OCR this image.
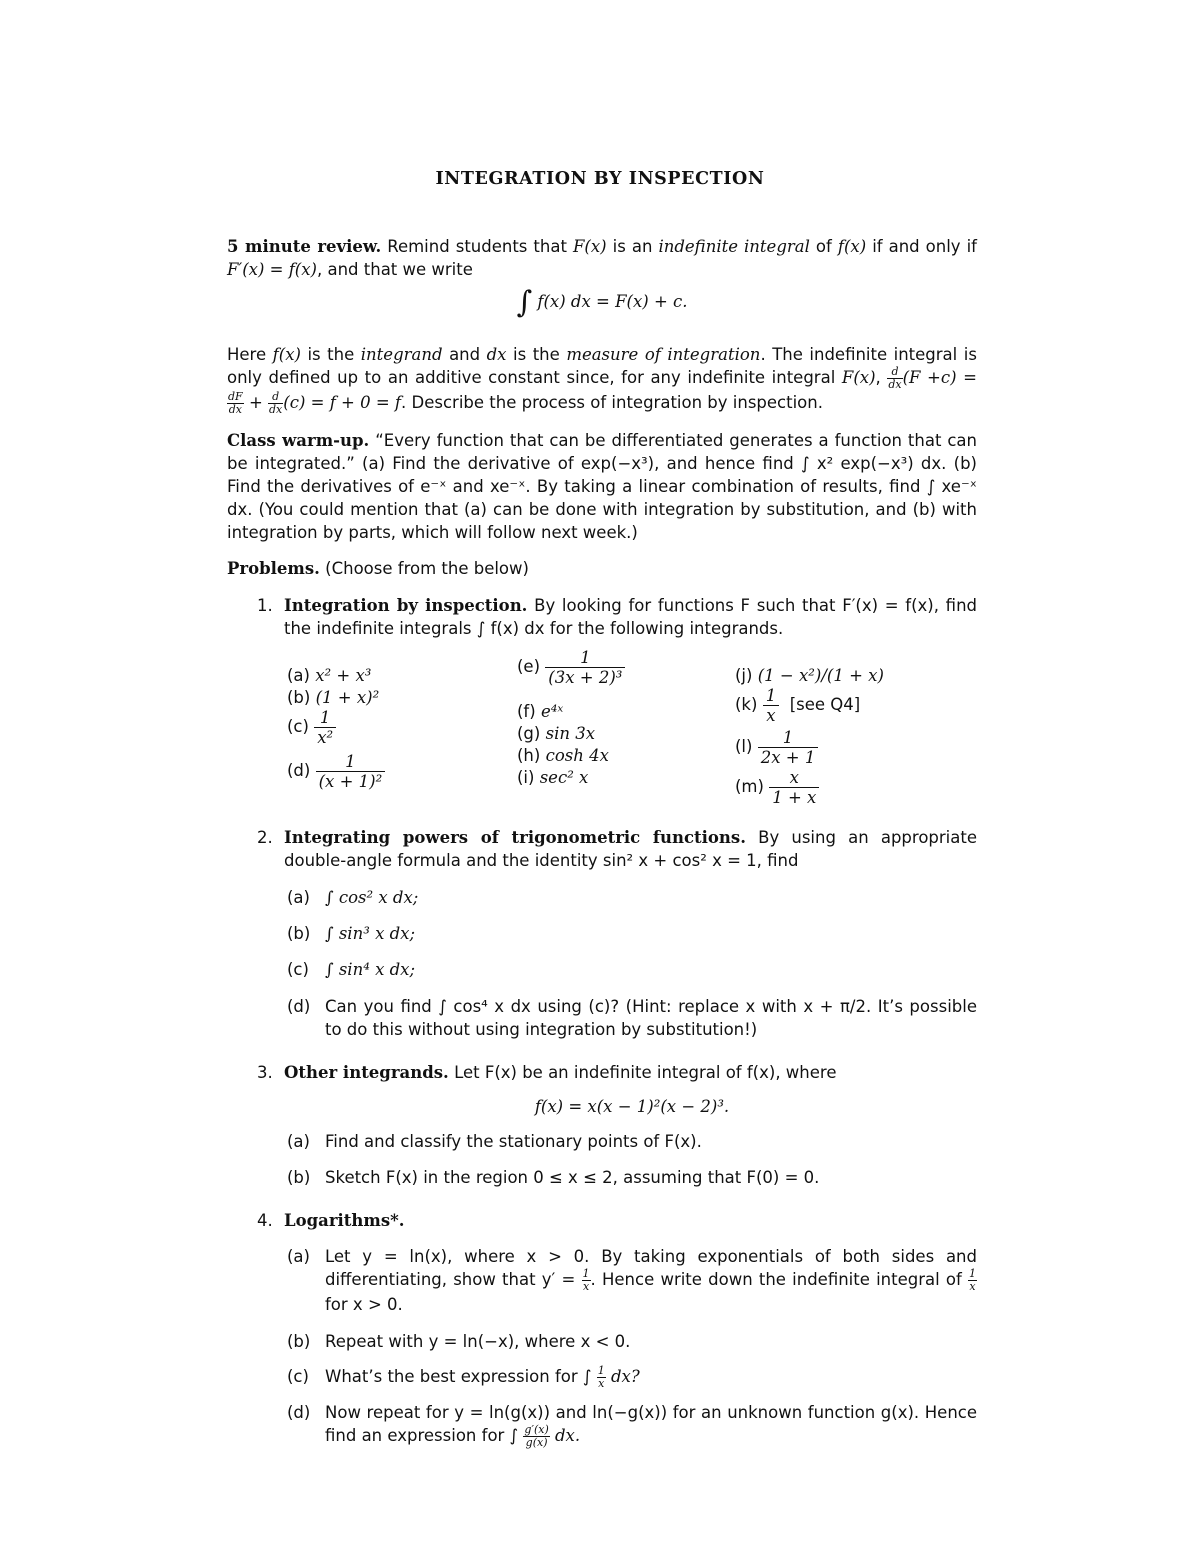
INTEGRATION BY INSPECTION
5 minute review. Remind students that F(x) is an indefinite integral of f(x) if and only if F′(x) = f(x), and that we write
∫ f(x) dx = F(x) + c.
Here f(x) is the integrand and dx is the measure of integration. The indefinite integral is only defined up to an additive constant since, for any indefinite integral F(x), $\frac{d}{dx} (F +c)$ =
$\frac{dF}{dx} + \frac{d}{dx} (c) = f + 0 = f$. Describe the process of integration by inspection.
Class warm-up. “Every function that can be differentiated generates a function that can be integrated.” (a) Find the derivative of exp(−x³), and hence find ∫ x² exp(−x³) dx. (b) Find the derivatives of e⁻ˣ and xe⁻ˣ. By taking a linear combination of results, find ∫ xe⁻ˣ dx. (You could mention that (a) can be done with integration by substitution, and (b) with integration by parts, which will follow next week.)
Problems. (Choose from the below)
1. Integration by inspection. By looking for functions F such that F′(x) = f(x), find the indefinite integrals ∫ f(x) dx for the following integrands.
(a) x² + x³
(b) (1 + x)²
$(c) \frac{1}{\text{x²}}$
$(d) \frac{1}{\text{(x + 1)²}}$
$(e) \frac{1}{\text{(3x + 2)³}}$
(f) e⁴ˣ
(g) sin 3x
(h) cosh 4x
(i) sec² x
(j) (1 − x²)/(1 + x)
$(k) \frac{1}{x} [see$ Q4]
$(l) \frac{1}{2x + 1}$
$(m) \frac{x}{1 + x}$
2. Integrating powers of trigonometric functions. By using an appropriate double-angle formula and the identity sin² x + cos² x = 1, find
(a) ∫ cos² x dx;
(b) ∫ sin³ x dx;
(c) ∫ sin⁴ x dx;
(d) Can you find ∫ cos⁴ x dx using (c)? (Hint: replace x with x + π/2. It’s possible to do this without using integration by substitution!)
3. Other integrands. Let F(x) be an indefinite integral of f(x), where
f(x) = x(x − 1)²(x − 2)³.
(a) Find and classify the stationary points of F(x).
(b) Sketch F(x) in the region 0 ≤ x ≤ 2, assuming that F(0) = 0.
4. Logarithms*.
(a) Let y = ln(x), where x > 0. By taking exponentials of both sides and differentiating, show that $y' = \frac{1}{x}$ . Hence write down the indefinite integral of $\frac{1}{x}$
for x > 0.
(b) Repeat with y = ln(−x), where x < 0.
(c) What’s the best expression for ∫ $\frac{1}{x}$ dx?
(d) Now repeat for y = ln(g(x)) and ln(−g(x)) for an unknown function g(x). Hence find an expression for ∫ $\frac{g'(x)}{g(x)}$ dx.
